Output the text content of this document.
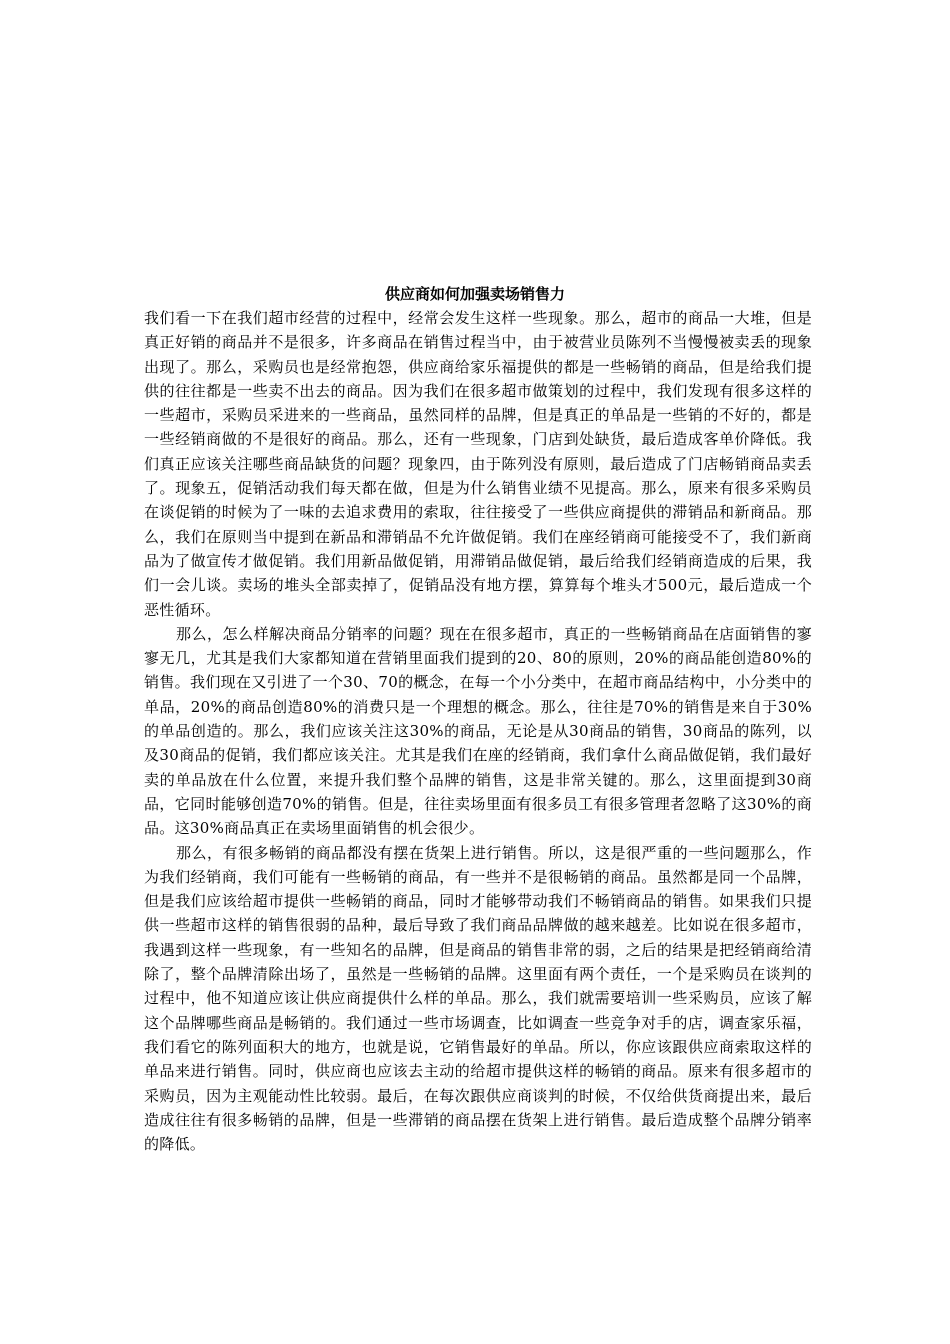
供应商如何加强卖场销售力

我们看一下在我们超市经营的过程中，经常会发生这样一些现象。那么，超市的商品一大堆，但是真正好销的商品并不是很多，许多商品在销售过程当中，由于被营业员陈列不当慢慢被卖丢的现象出现了。那么，采购员也是经常抱怨，供应商给家乐福提供的都是一些畅销的商品，但是给我们提供的往往都是一些卖不出去的商品。因为我们在很多超市做策划的过程中，我们发现有很多这样的一些超市，采购员采进来的一些商品，虽然同样的品牌，但是真正的单品是一些销的不好的，都是一些经销商做的不是很好的商品。那么，还有一些现象，门店到处缺货，最后造成客单价降低。我们真正应该关注哪些商品缺货的问题？现象四，由于陈列没有原则，最后造成了门店畅销商品卖丢了。现象五，促销活动我们每天都在做，但是为什么销售业绩不见提高。那么，原来有很多采购员在谈促销的时候为了一味的去追求费用的索取，往往接受了一些供应商提供的滞销品和新商品。那么，我们在原则当中提到在新品和滞销品不允许做促销。我们在座经销商可能接受不了，我们新商品为了做宣传才做促销。我们用新品做促销，用滞销品做促销，最后给我们经销商造成的后果，我们一会儿谈。卖场的堆头全部卖掉了，促销品没有地方摆，算算每个堆头才500元，最后造成一个恶性循环。

那么，怎么样解决商品分销率的问题？现在在很多超市，真正的一些畅销商品在店面销售的寥寥无几，尤其是我们大家都知道在营销里面我们提到的20、80的原则，20%的商品能创造80%的销售。我们现在又引进了一个30、70的概念，在每一个小分类中，在超市商品结构中，小分类中的单品，20%的商品创造80%的消费只是一个理想的概念。那么，往往是70%的销售是来自于30%的单品创造的。那么，我们应该关注这30%的商品，无论是从30商品的销售，30商品的陈列，以及30商品的促销，我们都应该关注。尤其是我们在座的经销商，我们拿什么商品做促销，我们最好卖的单品放在什么位置，来提升我们整个品牌的销售，这是非常关键的。那么，这里面提到30商品，它同时能够创造70%的销售。但是，往往卖场里面有很多员工有很多管理者忽略了这30%的商品。这30%商品真正在卖场里面销售的机会很少。

那么，有很多畅销的商品都没有摆在货架上进行销售。所以，这是很严重的一些问题那么，作为我们经销商，我们可能有一些畅销的商品，有一些并不是很畅销的商品。虽然都是同一个品牌，但是我们应该给超市提供一些畅销的商品，同时才能够带动我们不畅销商品的销售。如果我们只提供一些超市这样的销售很弱的品种，最后导致了我们商品品牌做的越来越差。比如说在很多超市，我遇到这样一些现象，有一些知名的品牌，但是商品的销售非常的弱，之后的结果是把经销商给清除了，整个品牌清除出场了，虽然是一些畅销的品牌。这里面有两个责任，一个是采购员在谈判的过程中，他不知道应该让供应商提供什么样的单品。那么，我们就需要培训一些采购员，应该了解这个品牌哪些商品是畅销的。我们通过一些市场调查，比如调查一些竞争对手的店，调查家乐福，我们看它的陈列面积大的地方，也就是说，它销售最好的单品。所以，你应该跟供应商索取这样的单品来进行销售。同时，供应商也应该去主动的给超市提供这样的畅销的商品。原来有很多超市的采购员，因为主观能动性比较弱。最后，在每次跟供应商谈判的时候，不仅给供货商提出来，最后造成往往有很多畅销的品牌，但是一些滞销的商品摆在货架上进行销售。最后造成整个品牌分销率的降低。
